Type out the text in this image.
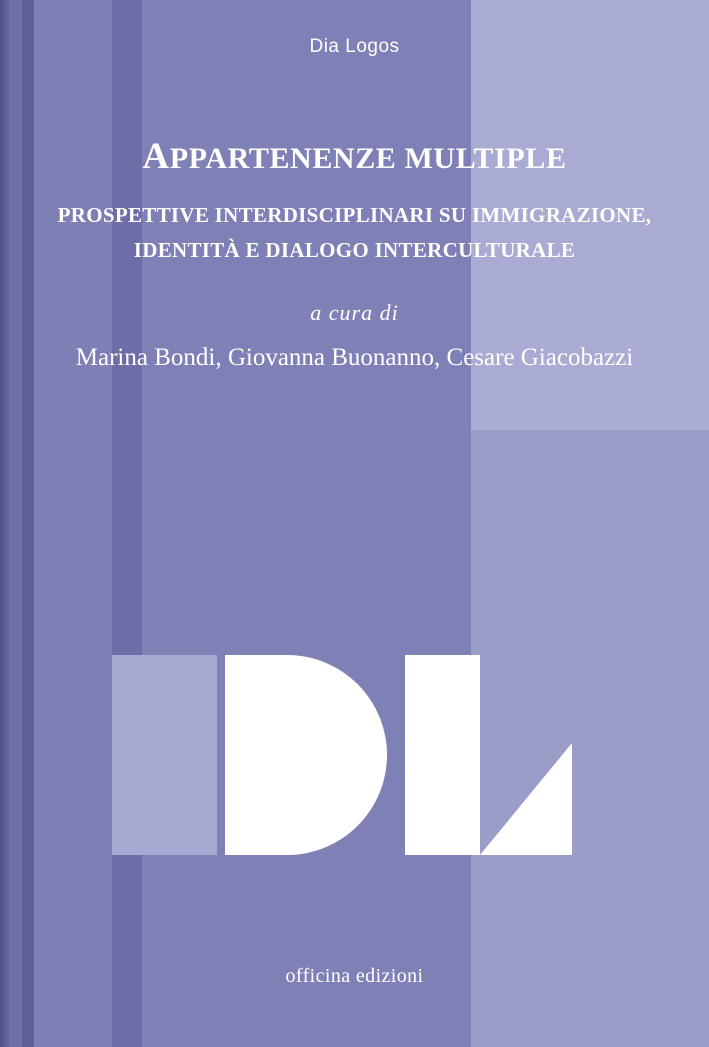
Dia Logos
APPARTENENZE MULTIPLE
PROSPETTIVE INTERDISCIPLINARI SU IMMIGRAZIONE,
IDENTITÀ E DIALOGO INTERCULTURALE
a cura di
Marina Bondi, Giovanna Buonanno, Cesare Giacobazzi
officina edizioni
